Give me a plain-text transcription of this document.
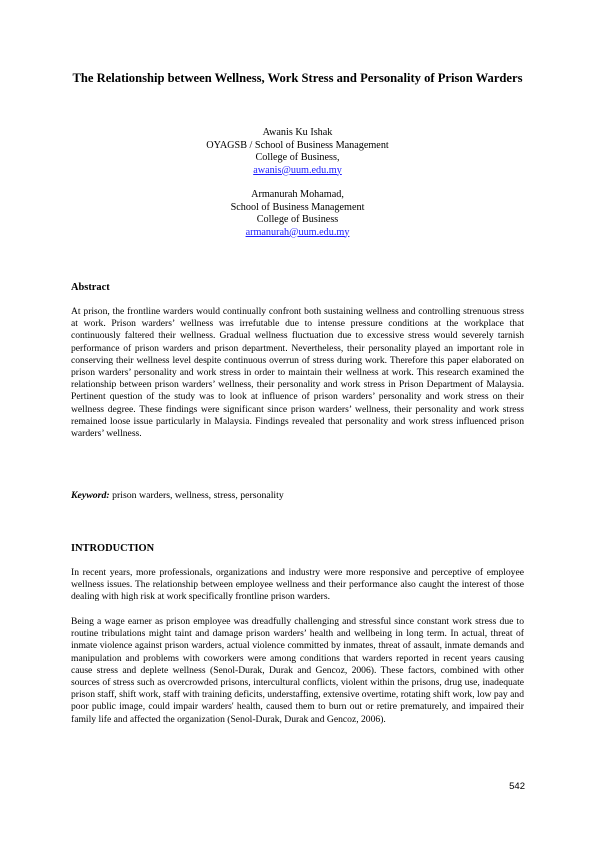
The Relationship between Wellness, Work Stress and Personality of Prison Warders
Awanis Ku Ishak
OYAGSB / School of Business Management
College of Business,
awanis@uum.edu.my
Armanurah Mohamad,
School of Business Management
College of Business
armanurah@uum.edu.my
Abstract
At prison, the frontline warders would continually confront both sustaining wellness and controlling strenuous stress at work. Prison warders’ wellness was irrefutable due to intense pressure conditions at the workplace that continuously faltered their wellness. Gradual wellness fluctuation due to excessive stress would severely tarnish performance of prison warders and prison department. Nevertheless, their personality played an important role in conserving their wellness level despite continuous overrun of stress during work. Therefore this paper elaborated on prison warders’ personality and work stress in order to maintain their wellness at work. This research examined the relationship between prison warders’ wellness, their personality and work stress in Prison Department of Malaysia. Pertinent question of the study was to look at influence of prison warders’ personality and work stress on their wellness degree. These findings were significant since prison warders’ wellness, their personality and work stress remained loose issue particularly in Malaysia. Findings revealed that personality and work stress influenced prison warders’ wellness.
Keyword: prison warders, wellness, stress, personality
INTRODUCTION
In recent years, more professionals, organizations and industry were more responsive and perceptive of employee wellness issues. The relationship between employee wellness and their performance also caught the interest of those dealing with high risk at work specifically frontline prison warders.
Being a wage earner as prison employee was dreadfully challenging and stressful since constant work stress due to routine tribulations might taint and damage prison warders’ health and wellbeing in long term. In actual, threat of inmate violence against prison warders, actual violence committed by inmates, threat of assault, inmate demands and manipulation and problems with coworkers were among conditions that warders reported in recent years causing cause stress and deplete wellness (Senol-Durak, Durak and Gencoz, 2006). These factors, combined with other sources of stress such as overcrowded prisons, intercultural conflicts, violent within the prisons, drug use, inadequate prison staff, shift work, staff with training deficits, understaffing, extensive overtime, rotating shift work, low pay and poor public image, could impair warders' health, caused them to burn out or retire prematurely, and impaired their family life and affected the organization (Senol-Durak, Durak and Gencoz, 2006).
542
